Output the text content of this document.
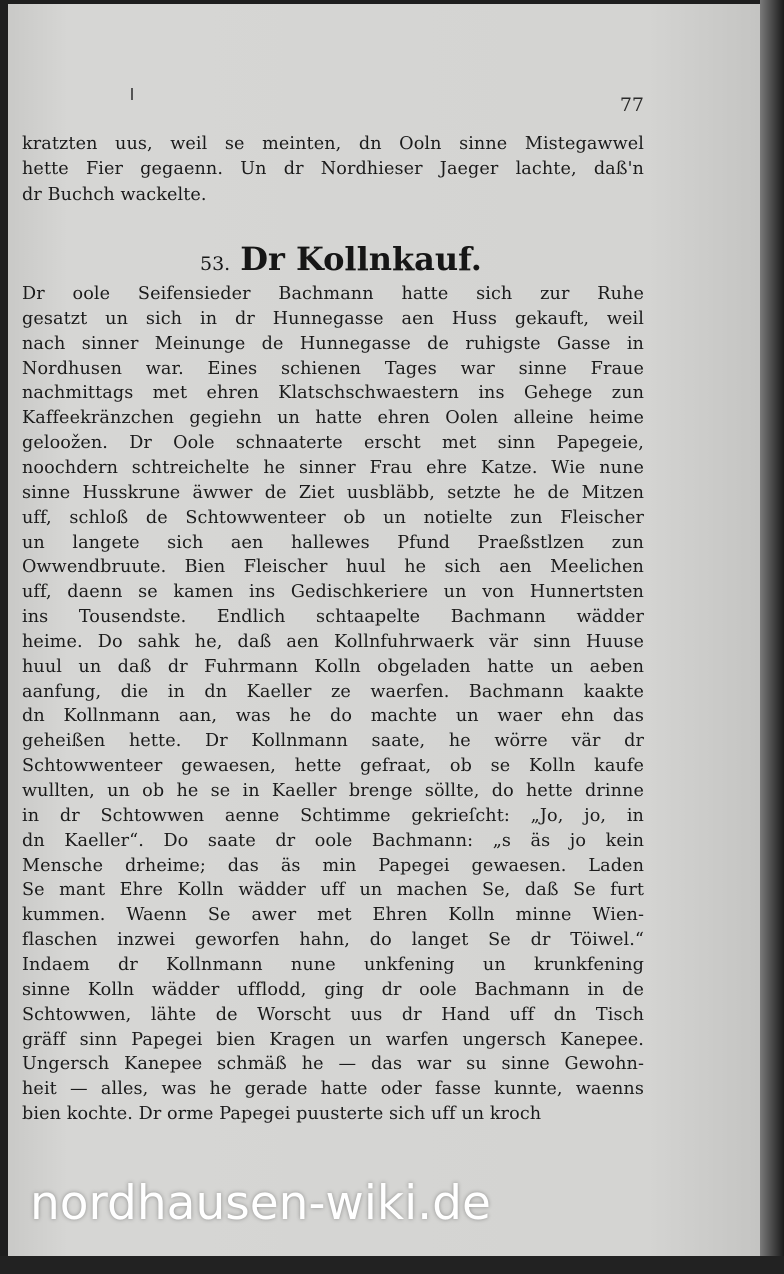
77
kratzten uus, weil se meinten, dn Ooln sinne Mistegawwel
hette Fier gegaenn. Un dr Nordhieser Jaeger lachte, daß'n
dr Buchch wackelte.
53. Dr Kollnkauf.
Dr oole Seifensieder Bachmann hatte sich zur Ruhe
gesatzt un sich in dr Hunnegasse aen Huss gekauft, weil
nach sinner Meinunge de Hunnegasse de ruhigste Gasse in
Nordhusen war. Eines schienen Tages war sinne Fraue
nachmittags met ehren Klatschschwaestern ins Gehege zun
Kaffeekränzchen gegiehn un hatte ehren Oolen alleine heime
geloožen. Dr Oole schnaaterte erscht met sinn Papegeie,
noochdern schtreichelte he sinner Frau ehre Katze. Wie nune
sinne Husskrune äwwer de Ziet uusbläbb, setzte he de Mitzen
uff, schloß de Schtowwenteer ob un notielte zun Fleischer
un langete sich aen hallewes Pfund Praeßstlzen zun
Owwendbruute. Bien Fleischer huul he sich aen Meelichen
uff, daenn se kamen ins Gedischkeriere un von Hunnertsten
ins Tousendste. Endlich schtaapelte Bachmann wädder
heime. Do sahk he, daß aen Kollnfuhrwaerk vär sinn Huuse
huul un daß dr Fuhrmann Kolln obgeladen hatte un aeben
aanfung, die in dn Kaeller ze waerfen. Bachmann kaakte
dn Kollnmann aan, was he do machte un waer ehn das
geheißen hette. Dr Kollnmann saate, he wörre vär dr
Schtowwenteer gewaesen, hette gefraat, ob se Kolln kaufe
wullten, un ob he se in Kaeller brenge söllte, do hette drinne
in dr Schtowwen aenne Schtimme gekrieſcht: „Jo, jo, in
dn Kaeller“. Do saate dr oole Bachmann: „s äs jo kein
Mensche drheime; das äs min Papegei gewaesen. Laden
Se mant Ehre Kolln wädder uff un machen Se, daß Se furt
kummen. Waenn Se awer met Ehren Kolln minne Wien-
flaschen inzwei geworfen hahn, do langet Se dr Töiwel.“
Indaem dr Kollnmann nune unkfening un krunkfening
sinne Kolln wädder ufflodd, ging dr oole Bachmann in de
Schtowwen, lähte de Worscht uus dr Hand uff dn Tisch
gräff sinn Papegei bien Kragen un warfen ungersch Kanepee.
Ungersch Kanepee schmäß he — das war su sinne Gewohn-
heit — alles, was he gerade hatte oder fasse kunnte, waenns
bien kochte. Dr orme Papegei puusterte sich uff un kroch
nordhausen-wiki.de
